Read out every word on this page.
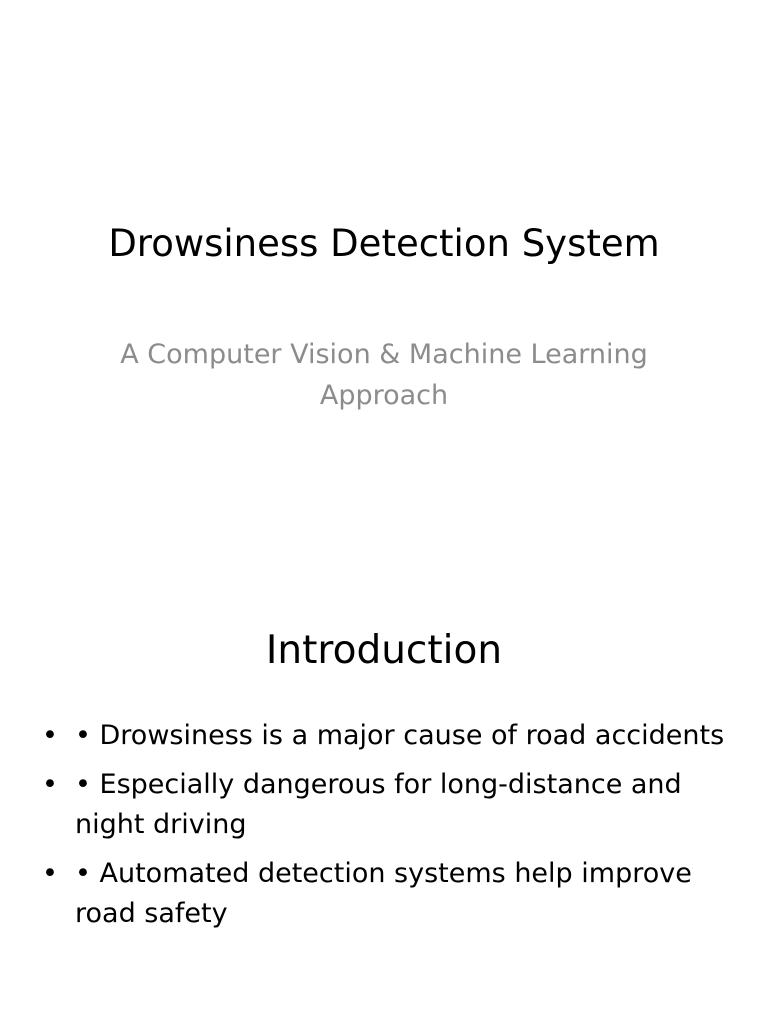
Drowsiness Detection System
A Computer Vision & Machine Learning Approach
Introduction
• • Drowsiness is a major cause of road accidents
• • Especially dangerous for long-distance and night driving
• • Automated detection systems help improve road safety
